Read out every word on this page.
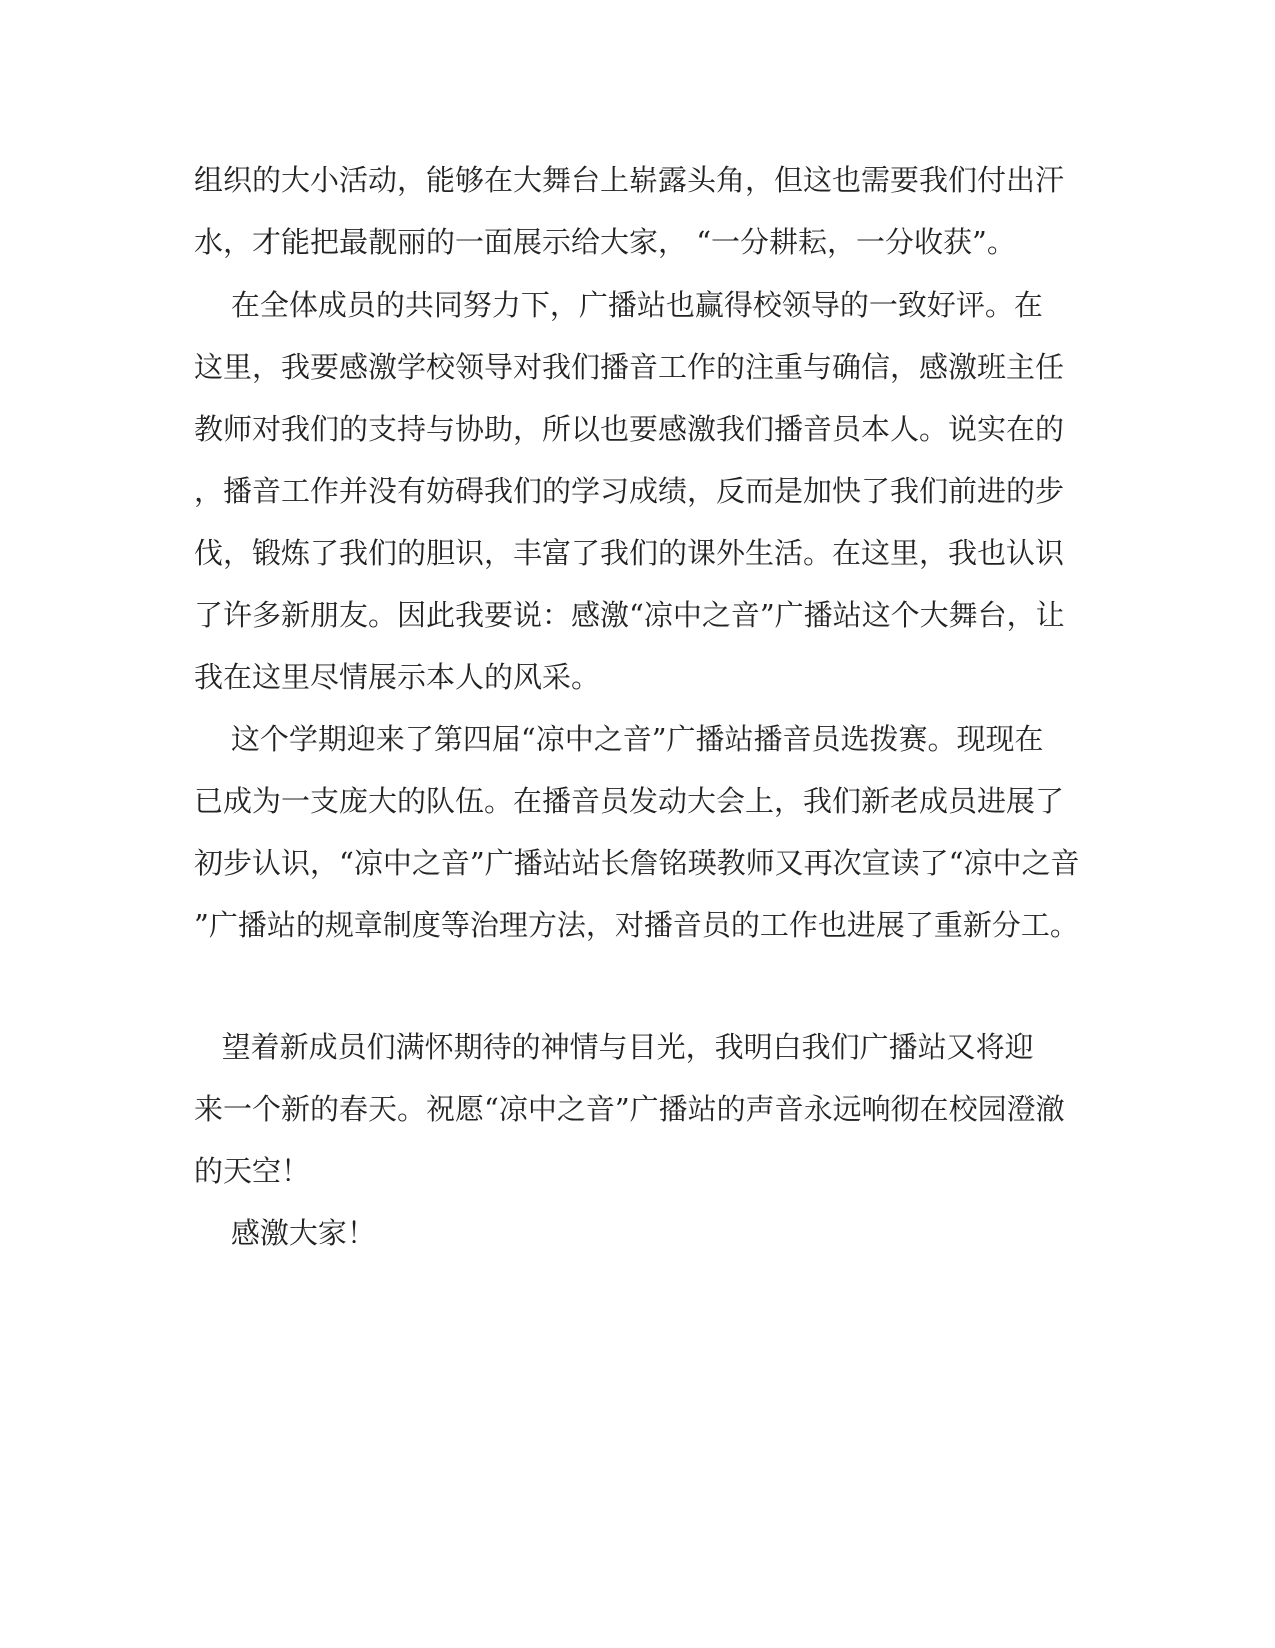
组织的大小活动，能够在大舞台上崭露头角，但这也需要我们付出汗

水，才能把最靓丽的一面展示给大家， “一分耕耘，一分收获”。

在全体成员的共同努力下，广播站也赢得校领导的一致好评。在

这里，我要感激学校领导对我们播音工作的注重与确信，感激班主任

教师对我们的支持与协助，所以也要感激我们播音员本人。说实在的

，播音工作并没有妨碍我们的学习成绩，反而是加快了我们前进的步

伐，锻炼了我们的胆识，丰富了我们的课外生活。在这里，我也认识

了许多新朋友。因此我要说：感激“凉中之音”广播站这个大舞台，让

我在这里尽情展示本人的风采。

这个学期迎来了第四届“凉中之音”广播站播音员选拨赛。现现在

已成为一支庞大的队伍。在播音员发动大会上，我们新老成员进展了

初步认识，“凉中之音”广播站站长詹铭瑛教师又再次宣读了“凉中之音

”广播站的规章制度等治理方法，对播音员的工作也进展了重新分工。

望着新成员们满怀期待的神情与目光，我明白我们广播站又将迎

来一个新的春天。祝愿“凉中之音”广播站的声音永远响彻在校园澄澈

的天空！

感激大家！
